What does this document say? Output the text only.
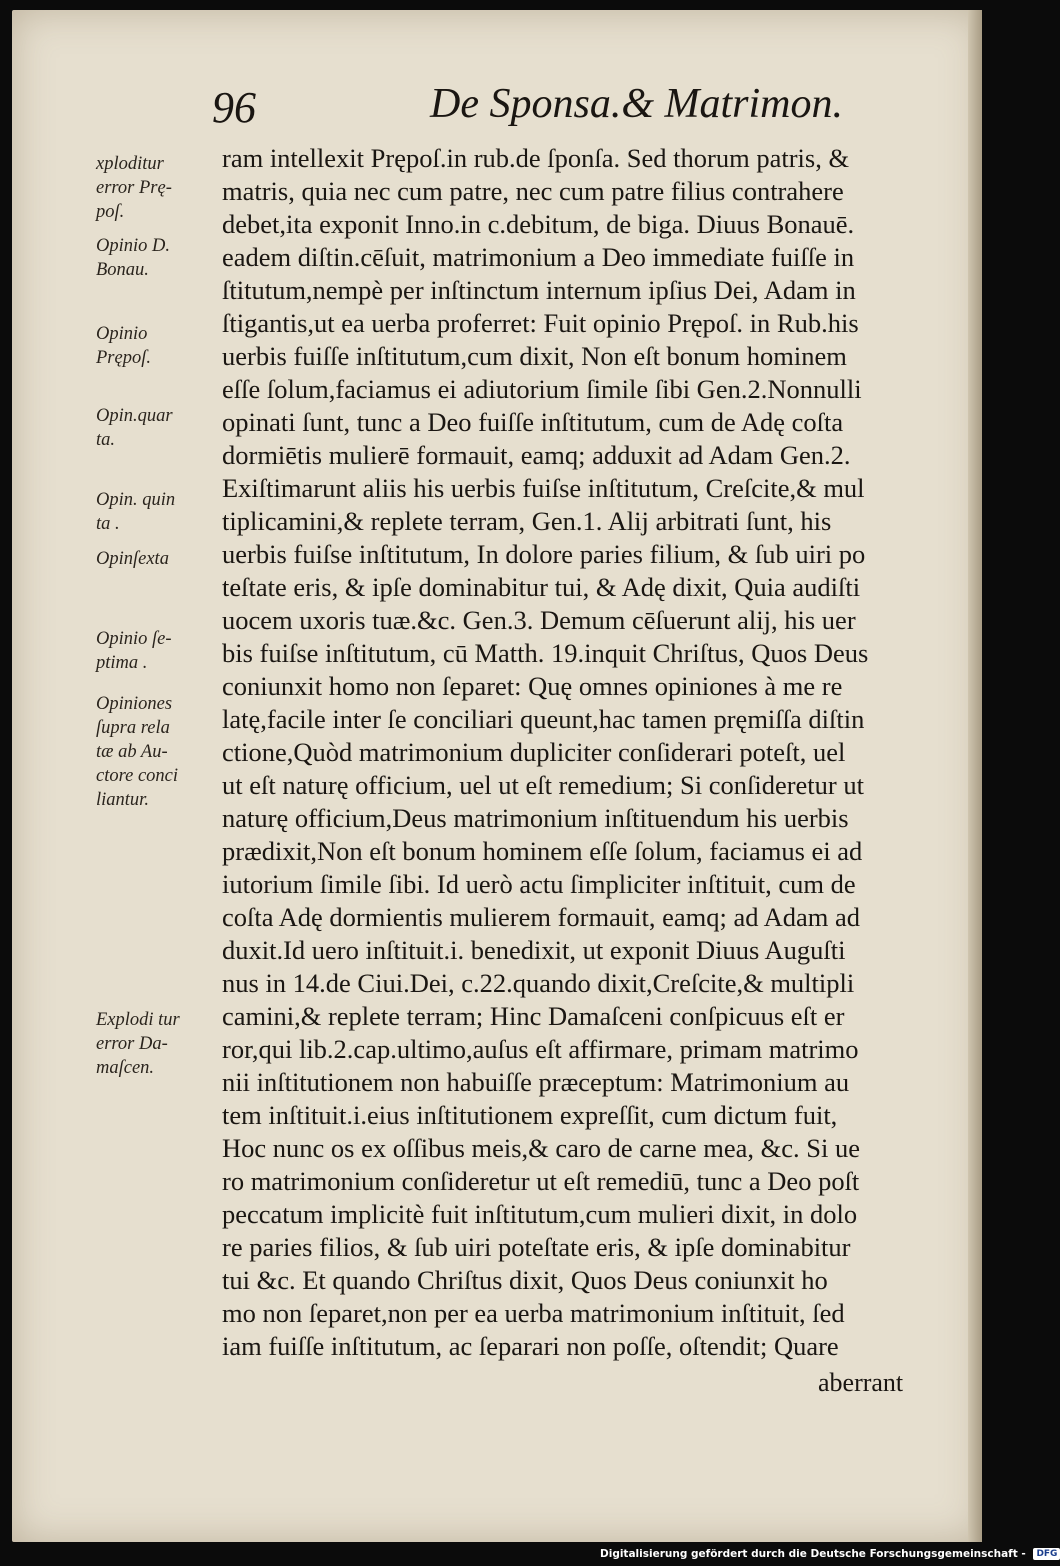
96	De Sponsa.& Matrimon.
xploditur
error Prę-
poſ.
Opinio D.
Bonau.
Opinio
Prępoſ.
Opin.quar
ta.
Opin. quin
ta .
Opinſexta
Opinio ſe-
ptima .
Opiniones
ſupra rela
tæ ab Au-
ctore conci
liantur.
Explodi tur
error Da-
maſcen.
ram intellexit Prępoſ.in rub.de ſponſa. Sed thorum patris, &
matris, quia nec cum patre, nec cum patre filius contrahere
debet,ita exponit Inno.in c.debitum, de biga. Diuus Bonauē.
eadem diſtin.cēſuit, matrimonium a Deo immediate fuiſſe in
ſtitutum,nempè per inſtinctum internum ipſius Dei, Adam in
ſtigantis,ut ea uerba proferret: Fuit opinio Prępoſ. in Rub.his
uerbis fuiſſe inſtitutum,cum dixit, Non eſt bonum hominem
eſſe ſolum,faciamus ei adiutorium ſimile ſibi Gen.2.Nonnulli
opinati ſunt, tunc a Deo fuiſſe inſtitutum, cum de Adę coſta
dormiētis mulierē formauit, eamq; adduxit ad Adam Gen.2.
Exiſtimarunt aliis his uerbis fuiſse inſtitutum, Creſcite,& mul
tiplicamini,& replete terram, Gen.1. Alij arbitrati ſunt, his
uerbis fuiſse inſtitutum, In dolore paries filium, & ſub uiri po
teſtate eris, & ipſe dominabitur tui, & Adę dixit, Quia audiſti
uocem uxoris tuæ.&c. Gen.3. Demum cēſuerunt alij, his uer
bis fuiſse inſtitutum, cū Matth. 19.inquit Chriſtus, Quos Deus
coniunxit homo non ſeparet: Quę omnes opiniones à me re
latę,facile inter ſe conciliari queunt,hac tamen pręmiſſa diſtin
ctione,Quòd matrimonium dupliciter conſiderari poteſt, uel
ut eſt naturę officium, uel ut eſt remedium; Si conſideretur ut
naturę officium,Deus matrimonium inſtituendum his uerbis
prædixit,Non eſt bonum hominem eſſe ſolum, faciamus ei ad
iutorium ſimile ſibi. Id uerò actu ſimpliciter inſtituit, cum de
coſta Adę dormientis mulierem formauit, eamq; ad Adam ad
duxit.Id uero inſtituit.i. benedixit, ut exponit Diuus Auguſti
nus in 14.de Ciui.Dei, c.22.quando dixit,Creſcite,& multipli
camini,& replete terram; Hinc Damaſceni conſpicuus eſt er
ror,qui lib.2.cap.ultimo,auſus eſt affirmare, primam matrimo
nii inſtitutionem non habuiſſe præceptum: Matrimonium au
tem inſtituit.i.eius inſtitutionem expreſſit, cum dictum fuit,
Hoc nunc os ex oſſibus meis,& caro de carne mea, &c. Si ue
ro matrimonium conſideretur ut eſt remediū, tunc a Deo poſt
peccatum implicitè fuit inſtitutum,cum mulieri dixit, in dolo
re paries filios, & ſub uiri poteſtate eris, & ipſe dominabitur
tui &c. Et quando Chriſtus dixit, Quos Deus coniunxit ho
mo non ſeparet,non per ea uerba matrimonium inſtituit, ſed
iam fuiſſe inſtitutum, ac ſeparari non poſſe, oſtendit; Quare
aberrant
Digitalisierung gefördert durch die Deutsche Forschungsgemeinschaft - DFG
